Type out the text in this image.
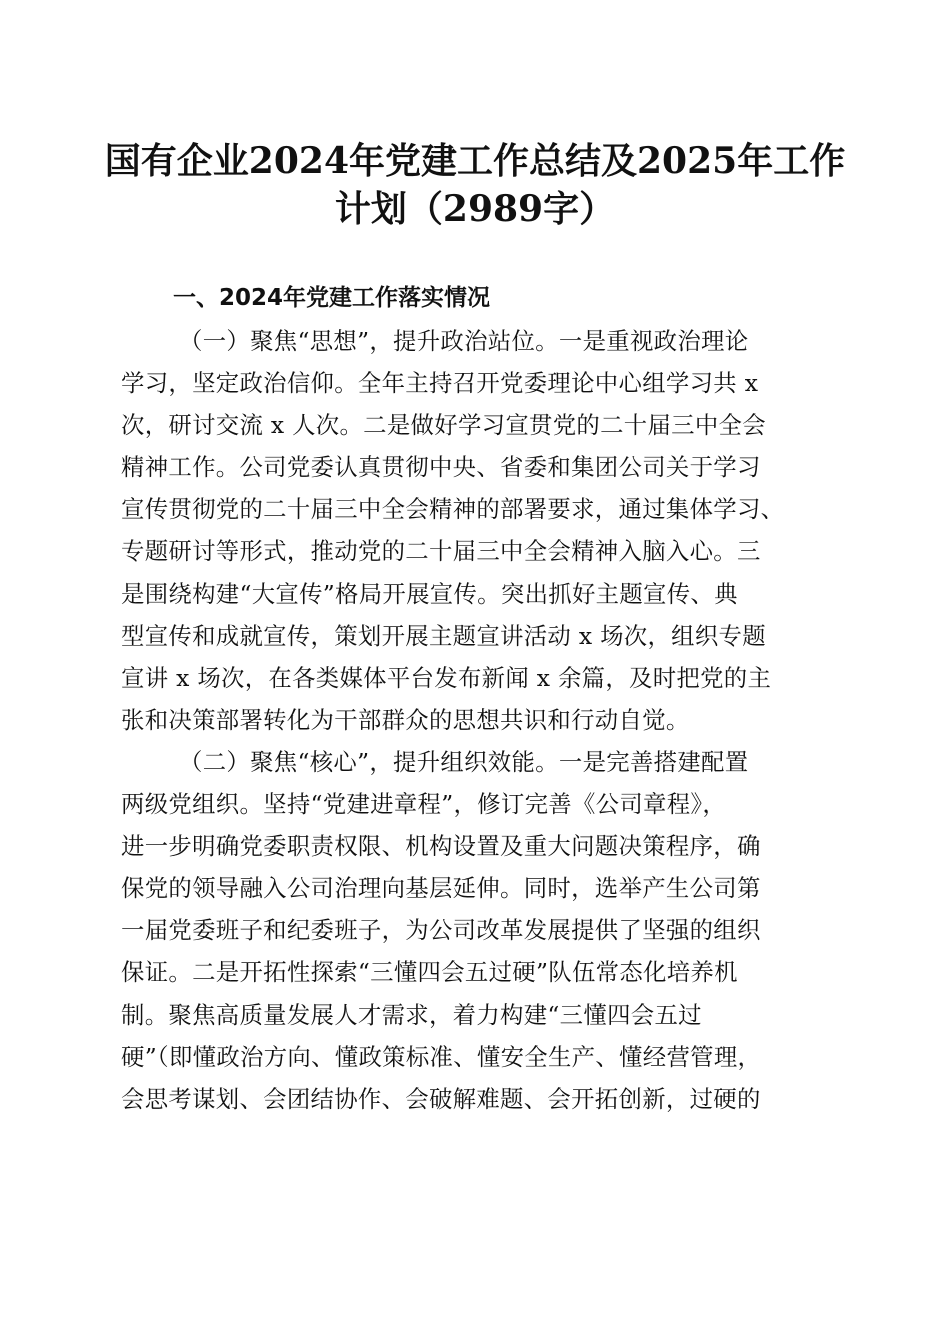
国有企业2024年党建工作总结及2025年工作
计划（2989字）
一、2024年党建工作落实情况

（一）聚焦“思想”，提升政治站位。一是重视政治理论
学习，坚定政治信仰。全年主持召开党委理论中心组学习共 x
次，研讨交流 x 人次。二是做好学习宣贯党的二十届三中全会
精神工作。公司党委认真贯彻中央、省委和集团公司关于学习
宣传贯彻党的二十届三中全会精神的部署要求，通过集体学习、
专题研讨等形式，推动党的二十届三中全会精神入脑入心。三
是围绕构建“大宣传”格局开展宣传。突出抓好主题宣传、典
型宣传和成就宣传，策划开展主题宣讲活动 x 场次，组织专题
宣讲 x 场次，在各类媒体平台发布新闻 x 余篇，及时把党的主
张和决策部署转化为干部群众的思想共识和行动自觉。

（二）聚焦“核心”，提升组织效能。一是完善搭建配置
两级党组织。坚持“党建进章程”，修订完善《公司章程》，
进一步明确党委职责权限、机构设置及重大问题决策程序，确
保党的领导融入公司治理向基层延伸。同时，选举产生公司第
一届党委班子和纪委班子，为公司改革发展提供了坚强的组织
保证。二是开拓性探索“三懂四会五过硬”队伍常态化培养机
制。聚焦高质量发展人才需求，着力构建“三懂四会五过
硬”（即懂政治方向、懂政策标准、懂安全生产、懂经营管理，
会思考谋划、会团结协作、会破解难题、会开拓创新，过硬的
